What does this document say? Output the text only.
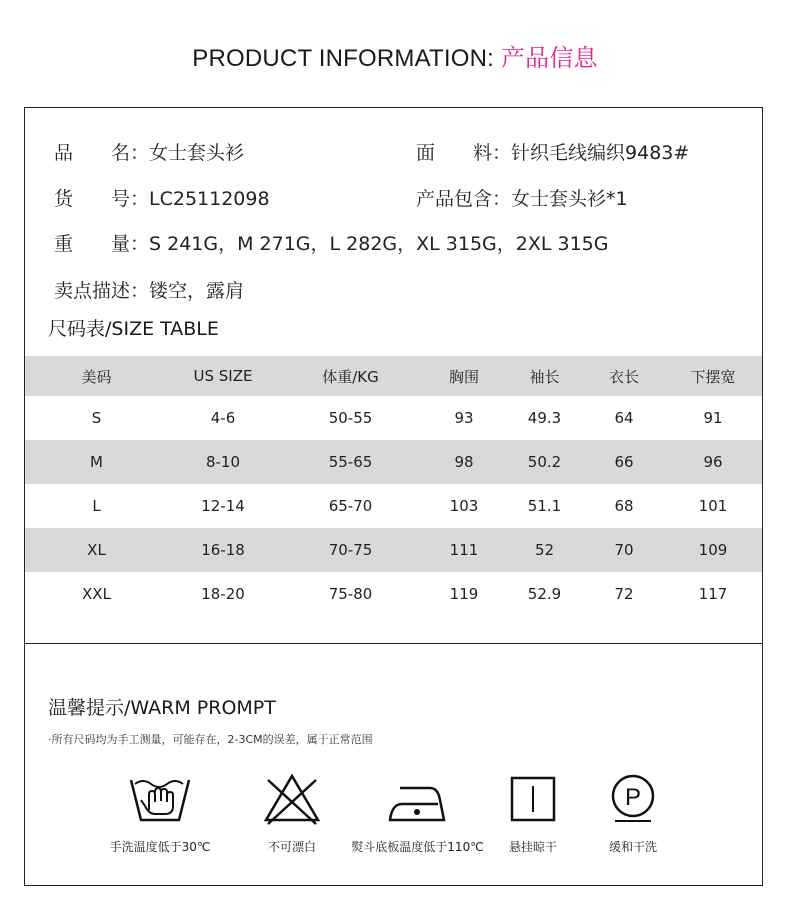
PRODUCT INFORMATION: 产品信息
品　　名：女士套头衫	面　　料：针织毛线编织9483#
货　　号：LC25112098	产品包含：女士套头衫*1
重　　量：S 241G，M 271G，L 282G，XL 315G，2XL 315G
卖点描述：镂空，露肩
尺码表/SIZE TABLE
美码	US SIZE	体重/KG	胸围	袖长	衣长	下摆宽
S	4-6	50-55	93	49.3	64	91
M	8-10	55-65	98	50.2	66	96
L	12-14	65-70	103	51.1	68	101
XL	16-18	70-75	111	52	70	109
XXL	18-20	75-80	119	52.9	72	117
温馨提示/WARM PROMPT
·所有尺码均为手工测量，可能存在，2-3CM的误差，属于正常范围
手洗温度低于30℃	不可漂白	熨斗底板温度低于110℃	悬挂晾干
P
缓和干洗
